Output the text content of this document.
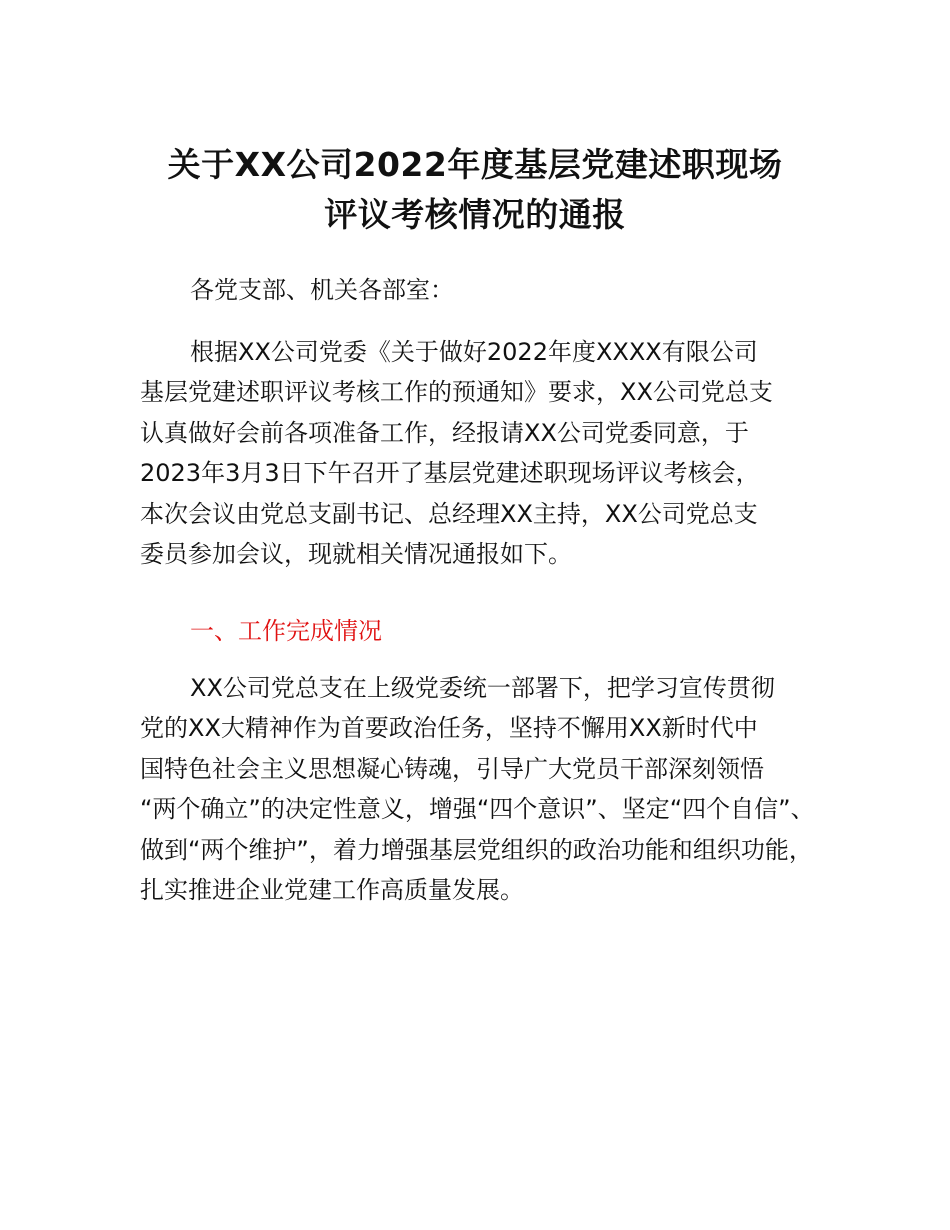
关于XX公司2022年度基层党建述职现场
评议考核情况的通报
各党支部、机关各部室：
根据XX公司党委《关于做好2022年度XXXX有限公司
基层党建述职评议考核工作的预通知》要求，XX公司党总支
认真做好会前各项准备工作，经报请XX公司党委同意，于
2023年3月3日下午召开了基层党建述职现场评议考核会，
本次会议由党总支副书记、总经理XX主持，XX公司党总支
委员参加会议，现就相关情况通报如下。
一、工作完成情况
XX公司党总支在上级党委统一部署下，把学习宣传贯彻
党的XX大精神作为首要政治任务，坚持不懈用XX新时代中
国特色社会主义思想凝心铸魂，引导广大党员干部深刻领悟
“两个确立”的决定性意义，增强“四个意识”、坚定“四个自信”、
做到“两个维护”，着力增强基层党组织的政治功能和组织功能，
扎实推进企业党建工作高质量发展。
